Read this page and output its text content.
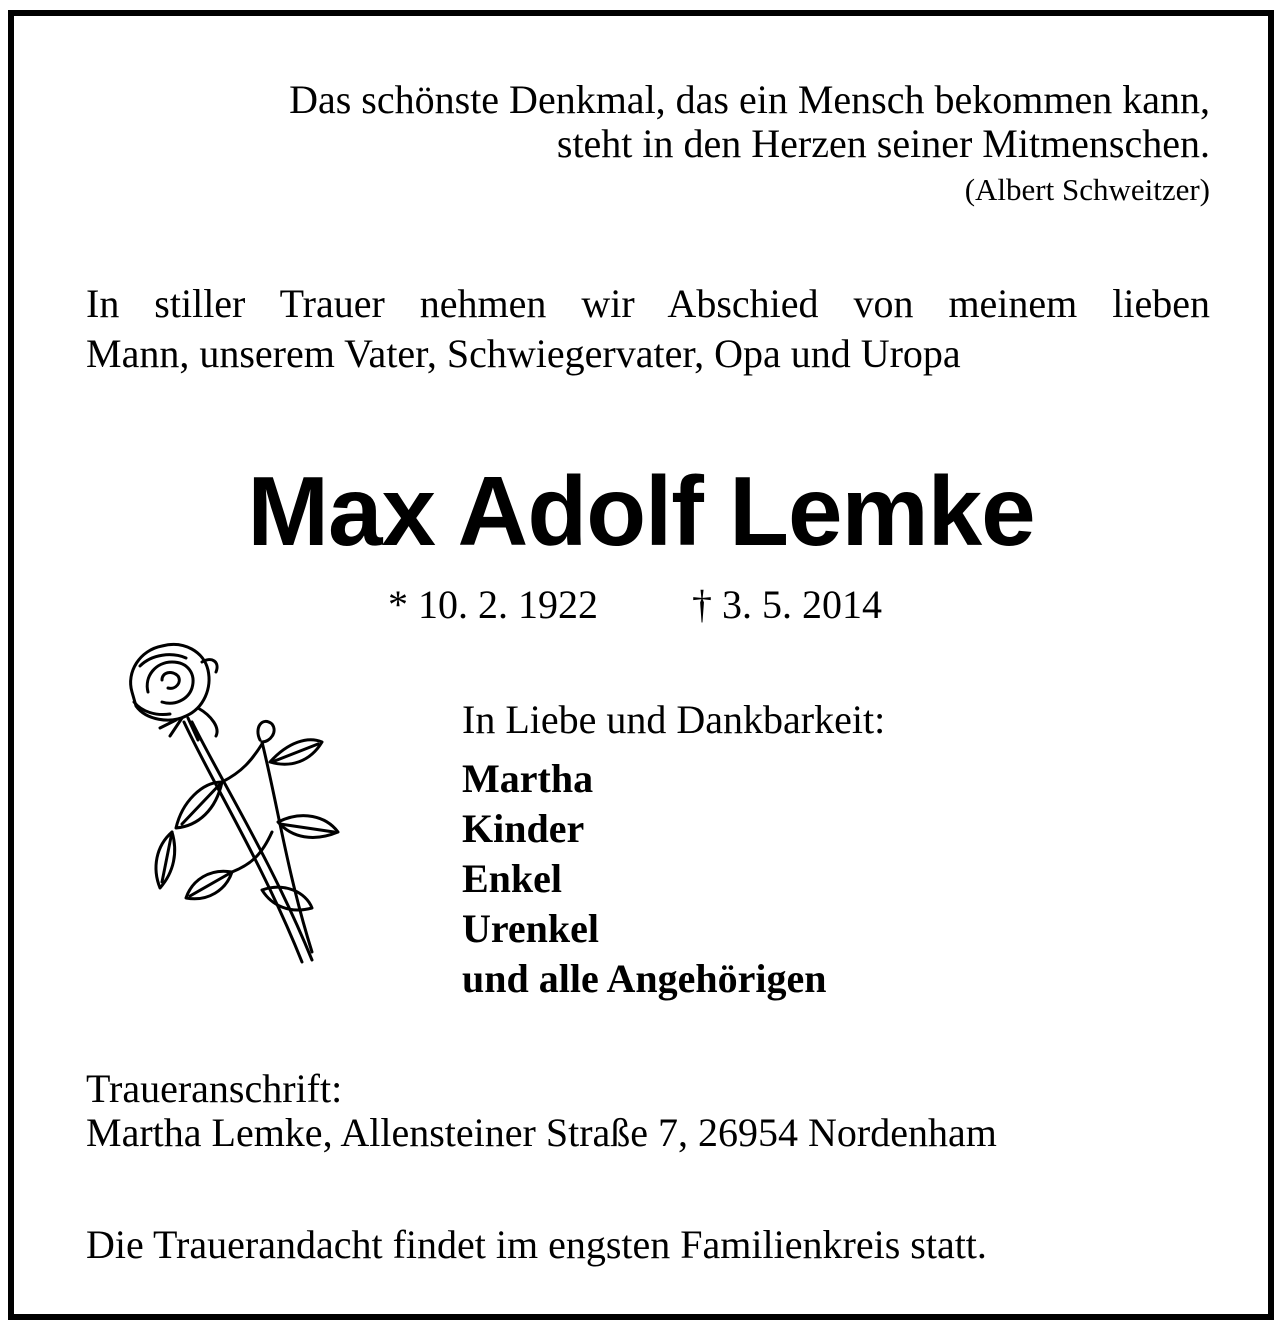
Das schönste Denkmal, das ein Mensch bekommen kann,

steht in den Herzen seiner Mitmenschen.

(Albert Schweitzer)

In stiller Trauer nehmen wir Abschied von meinem lieben

Mann, unserem Vater, Schwiegervater, Opa und Uropa

Max Adolf Lemke
* 10. 2. 1922 † 3. 5. 2014

In Liebe und Dankbarkeit:

Martha
Kinder
Enkel
Urenkel
und alle Angehörigen

Traueranschrift:

Martha Lemke, Allensteiner Straße 7, 26954 Nordenham

Die Trauerandacht findet im engsten Familienkreis statt.
